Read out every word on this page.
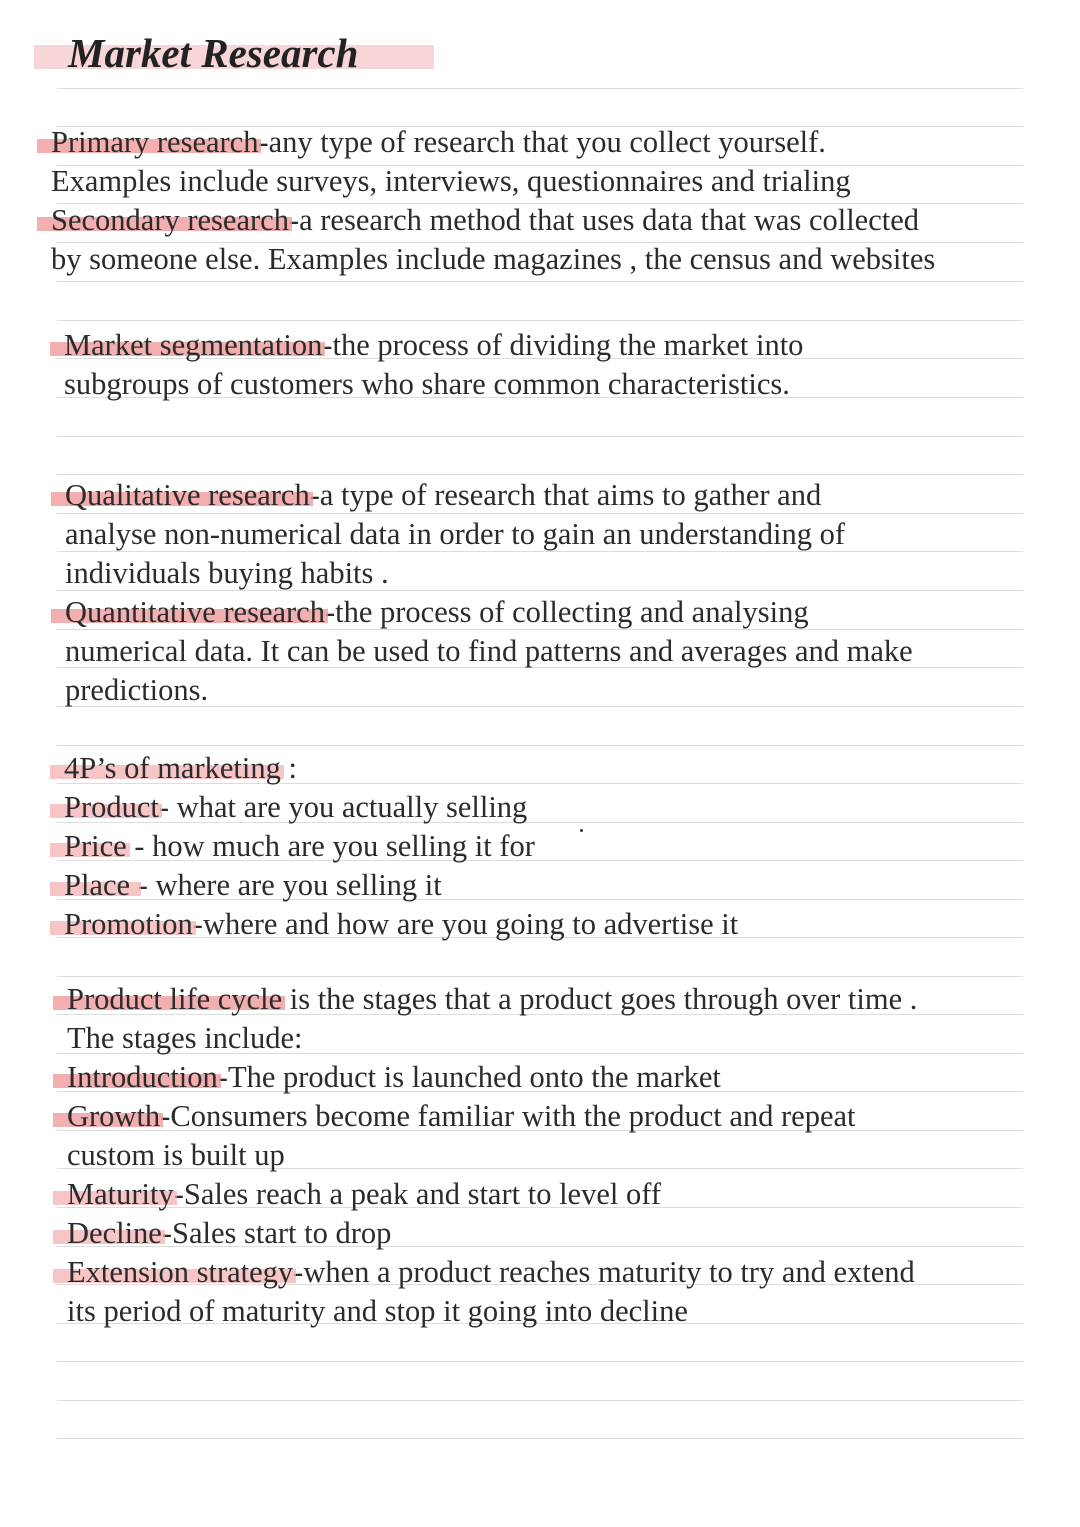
Market Research
Primary research-any type of research that you collect yourself.
Examples include surveys, interviews, questionnaires and trialing
Secondary research-a research method that uses data that was collected
by someone else. Examples include magazines , the census and websites
Market segmentation-the process of dividing the market into
subgroups of customers who share common characteristics.
Qualitative research-a type of research that aims to gather and
analyse non-numerical data in order to gain an understanding of
individuals buying habits .
Quantitative research-the process of collecting and analysing
numerical data. It can be used to find patterns and averages and make
predictions.
4P’s of marketing :
Product- what are you actually selling
Price - how much are you selling it for
Place - where are you selling it
Promotion-where and how are you going to advertise it
Product life cycle is the stages that a product goes through over time .
The stages include:
Introduction-The product is launched onto the market
Growth-Consumers become familiar with the product and repeat
custom is built up
Maturity-Sales reach a peak and start to level off
Decline-Sales start to drop
Extension strategy-when a product reaches maturity to try and extend
its period of maturity and stop it going into decline
